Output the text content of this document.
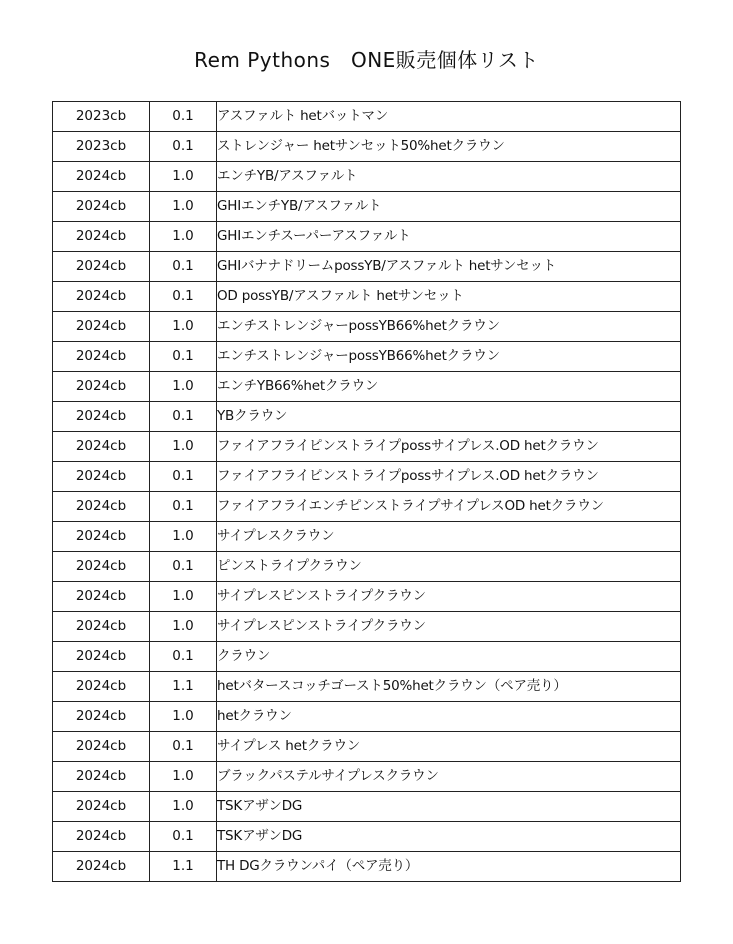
Rem Pythons　ONE販売個体リスト
2023cb	0.1	アスファルト hetバットマン
2023cb	0.1	ストレンジャー hetサンセット50%hetクラウン
2024cb	1.0	エンチYB/アスファルト
2024cb	1.0	GHIエンチYB/アスファルト
2024cb	1.0	GHIエンチスーパーアスファルト
2024cb	0.1	GHIバナナドリームpossYB/アスファルト hetサンセット
2024cb	0.1	OD possYB/アスファルト hetサンセット
2024cb	1.0	エンチストレンジャーpossYB66%hetクラウン
2024cb	0.1	エンチストレンジャーpossYB66%hetクラウン
2024cb	1.0	エンチYB66%hetクラウン
2024cb	0.1	YBクラウン
2024cb	1.0	ファイアフライピンストライプpossサイプレス.OD hetクラウン
2024cb	0.1	ファイアフライピンストライプpossサイプレス.OD hetクラウン
2024cb	0.1	ファイアフライエンチピンストライプサイプレスOD hetクラウン
2024cb	1.0	サイプレスクラウン
2024cb	0.1	ピンストライプクラウン
2024cb	1.0	サイプレスピンストライプクラウン
2024cb	1.0	サイプレスピンストライプクラウン
2024cb	0.1	クラウン
2024cb	1.1	hetバタースコッチゴースト50%hetクラウン（ペア売り）
2024cb	1.0	hetクラウン
2024cb	0.1	サイプレス hetクラウン
2024cb	1.0	ブラックパステルサイプレスクラウン
2024cb	1.0	TSKアザンDG
2024cb	0.1	TSKアザンDG
2024cb	1.1	TH DGクラウンパイ（ペア売り）
